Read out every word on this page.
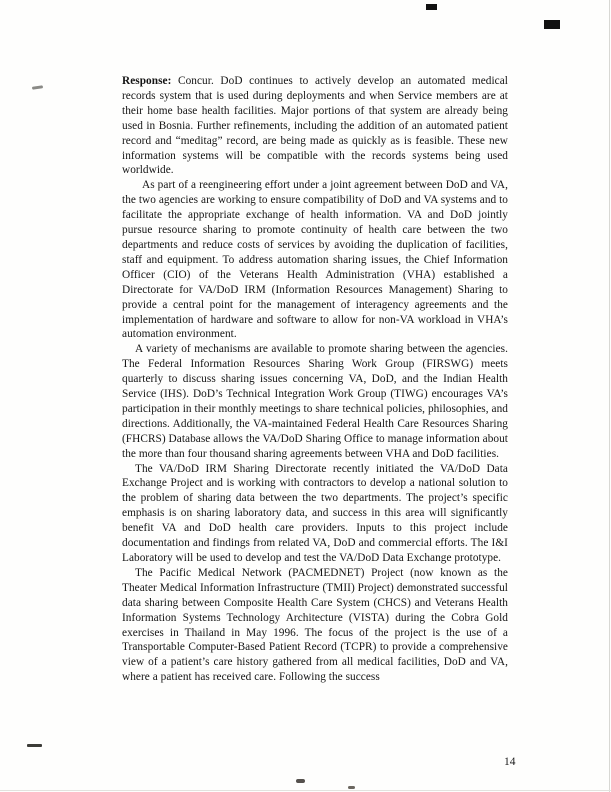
Response: Concur. DoD continues to actively develop an automated medical records system that is used during deployments and when Service members are at their home base health facilities. Major portions of that system are already being used in Bosnia. Further refinements, including the addition of an automated patient record and “meditag” record, are being made as quickly as is feasible. These new information systems will be compatible with the records systems being used worldwide.

As part of a reengineering effort under a joint agreement between DoD and VA, the two agencies are working to ensure compatibility of DoD and VA systems and to facilitate the appropriate exchange of health information. VA and DoD jointly pursue resource sharing to promote continuity of health care between the two departments and reduce costs of services by avoiding the duplication of facilities, staff and equipment. To address automation sharing issues, the Chief Information Officer (CIO) of the Veterans Health Administration (VHA) established a Directorate for VA/DoD IRM (Information Resources Management) Sharing to provide a central point for the management of interagency agreements and the implementation of hardware and software to allow for non-VA workload in VHA’s automation environment.

A variety of mechanisms are available to promote sharing between the agencies. The Federal Information Resources Sharing Work Group (FIRSWG) meets quarterly to discuss sharing issues concerning VA, DoD, and the Indian Health Service (IHS). DoD’s Technical Integration Work Group (TIWG) encourages VA’s participation in their monthly meetings to share technical policies, philosophies, and directions. Additionally, the VA-maintained Federal Health Care Resources Sharing (FHCRS) Database allows the VA/DoD Sharing Office to manage information about the more than four thousand sharing agreements between VHA and DoD facilities.

The VA/DoD IRM Sharing Directorate recently initiated the VA/DoD Data Exchange Project and is working with contractors to develop a national solution to the problem of sharing data between the two departments. The project’s specific emphasis is on sharing laboratory data, and success in this area will significantly benefit VA and DoD health care providers. Inputs to this project include documentation and findings from related VA, DoD and commercial efforts. The I&I Laboratory will be used to develop and test the VA/DoD Data Exchange prototype.

The Pacific Medical Network (PACMEDNET) Project (now known as the Theater Medical Information Infrastructure (TMII) Project) demonstrated successful data sharing between Composite Health Care System (CHCS) and Veterans Health Information Systems Technology Architecture (VISTA) during the Cobra Gold exercises in Thailand in May 1996. The focus of the project is the use of a Transportable Computer-Based Patient Record (TCPR) to provide a comprehensive view of a patient’s care history gathered from all medical facilities, DoD and VA, where a patient has received care. Following the success

14
